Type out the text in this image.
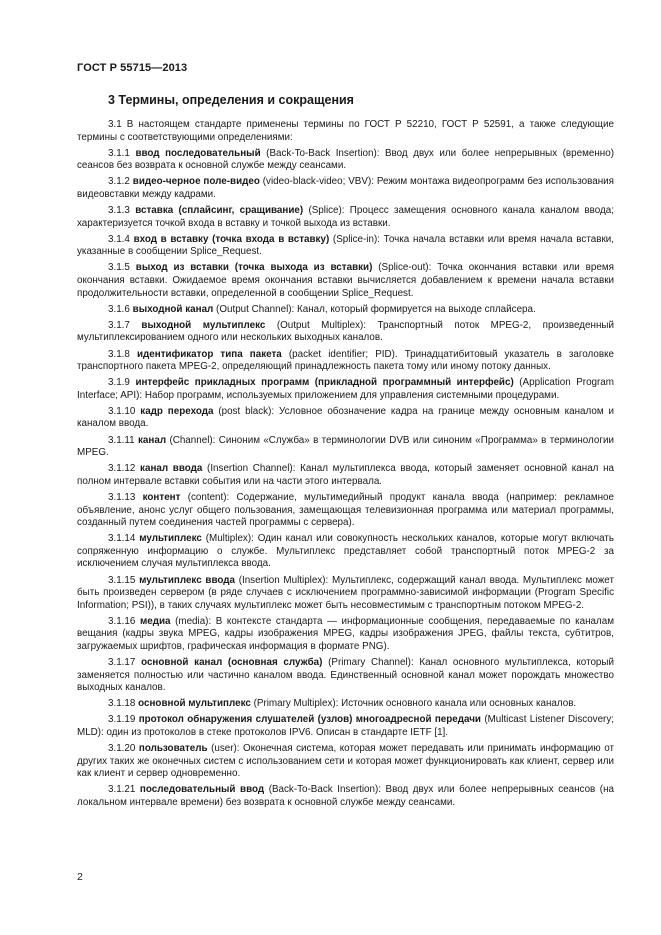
ГОСТ Р 55715—2013
3 Термины, определения и сокращения

3.1 В настоящем стандарте применены термины по ГОСТ Р 52210, ГОСТ Р 52591, а также следующие термины с соответствующими определениями:

3.1.1 ввод последовательный (Back-To-Back Insertion): Ввод двух или более непрерывных (временно) сеансов без возврата к основной службе между сеансами.

3.1.2 видео-черное поле-видео (video-black-video; VBV): Режим монтажа видеопрограмм без использования видеовставки между кадрами.

3.1.3 вставка (сплайсинг, сращивание) (Splice): Процесс замещения основного канала каналом ввода; характеризуется точкой входа в вставку и точкой выхода из вставки.

3.1.4 вход в вставку (точка входа в вставку) (Splice-in): Точка начала вставки или время начала вставки, указанные в сообщении Splice_Request.

3.1.5 выход из вставки (точка выхода из вставки) (Splice-out): Точка окончания вставки или время окончания вставки. Ожидаемое время окончания вставки вычисляется добавлением к времени начала вставки продолжительности вставки, определенной в сообщении Splice_Request.

3.1.6 выходной канал (Output Channel): Канал, который формируется на выходе сплайсера.

3.1.7 выходной мультиплекс (Output Multiplex): Транспортный поток MPEG-2, произведенный мультиплексированием одного или нескольких выходных каналов.

3.1.8 идентификатор типа пакета (packet identifier; PID). Тринадцатибитовый указатель в заголовке транспортного пакета MPEG-2, определяющий принадлежность пакета тому или иному потоку данных.

3.1.9 интерфейс прикладных программ (прикладной программный интерфейс) (Application Program Interface; API): Набор программ, используемых приложением для управления системными процедурами.

3.1.10 кадр перехода (post black): Условное обозначение кадра на границе между основным каналом и каналом ввода.

3.1.11 канал (Channel): Синоним «Служба» в терминологии DVB или синоним «Программа» в терминологии MPEG.

3.1.12 канал ввода (Insertion Channel): Канал мультиплекса ввода, который заменяет основной канал на полном интервале вставки события или на части этого интервала.

3.1.13 контент (content): Содержание, мультимедийный продукт канала ввода (например: рекламное объявление, анонс услуг общего пользования, замещающая телевизионная программа или материал программы, созданный путем соединения частей программы с сервера).

3.1.14 мультиплекс (Multiplex): Один канал или совокупность нескольких каналов, которые могут включать сопряженную информацию о службе. Мультиплекс представляет собой транспортный поток MPEG-2 за исключением случая мультиплекса ввода.

3.1.15 мультиплекс ввода (Insertion Multiplex): Мультиплекс, содержащий канал ввода. Мультиплекс может быть произведен сервером (в ряде случаев с исключением программно-зависимой информации (Program Specific Information; PSI)), в таких случаях мультиплекс может быть несовместимым с транспортным потоком MPEG-2.

3.1.16 медиа (media): В контексте стандарта — информационные сообщения, передаваемые по каналам вещания (кадры звука MPEG, кадры изображения MPEG, кадры изображения JPEG, файлы текста, субтитров, загружаемых шрифтов, графическая информация в формате PNG).

3.1.17 основной канал (основная служба) (Primary Channel): Канал основного мультиплекса, который заменяется полностью или частично каналом ввода. Единственный основной канал может порождать множество выходных каналов.

3.1.18 основной мультиплекс (Primary Multiplex): Источник основного канала или основных каналов.

3.1.19 протокол обнаружения слушателей (узлов) многоадресной передачи (Multicast Listener Discovery; MLD): один из протоколов в стеке протоколов IPV6. Описан в стандарте IETF [1].

3.1.20 пользователь (user): Оконечная система, которая может передавать или принимать информацию от других таких же оконечных систем с использованием сети и которая может функционировать как клиент, сервер или как клиент и сервер одновременно.

3.1.21 последовательный ввод (Back-To-Back Insertion): Ввод двух или более непрерывных сеансов (на локальном интервале времени) без возврата к основной службе между сеансами.

2
